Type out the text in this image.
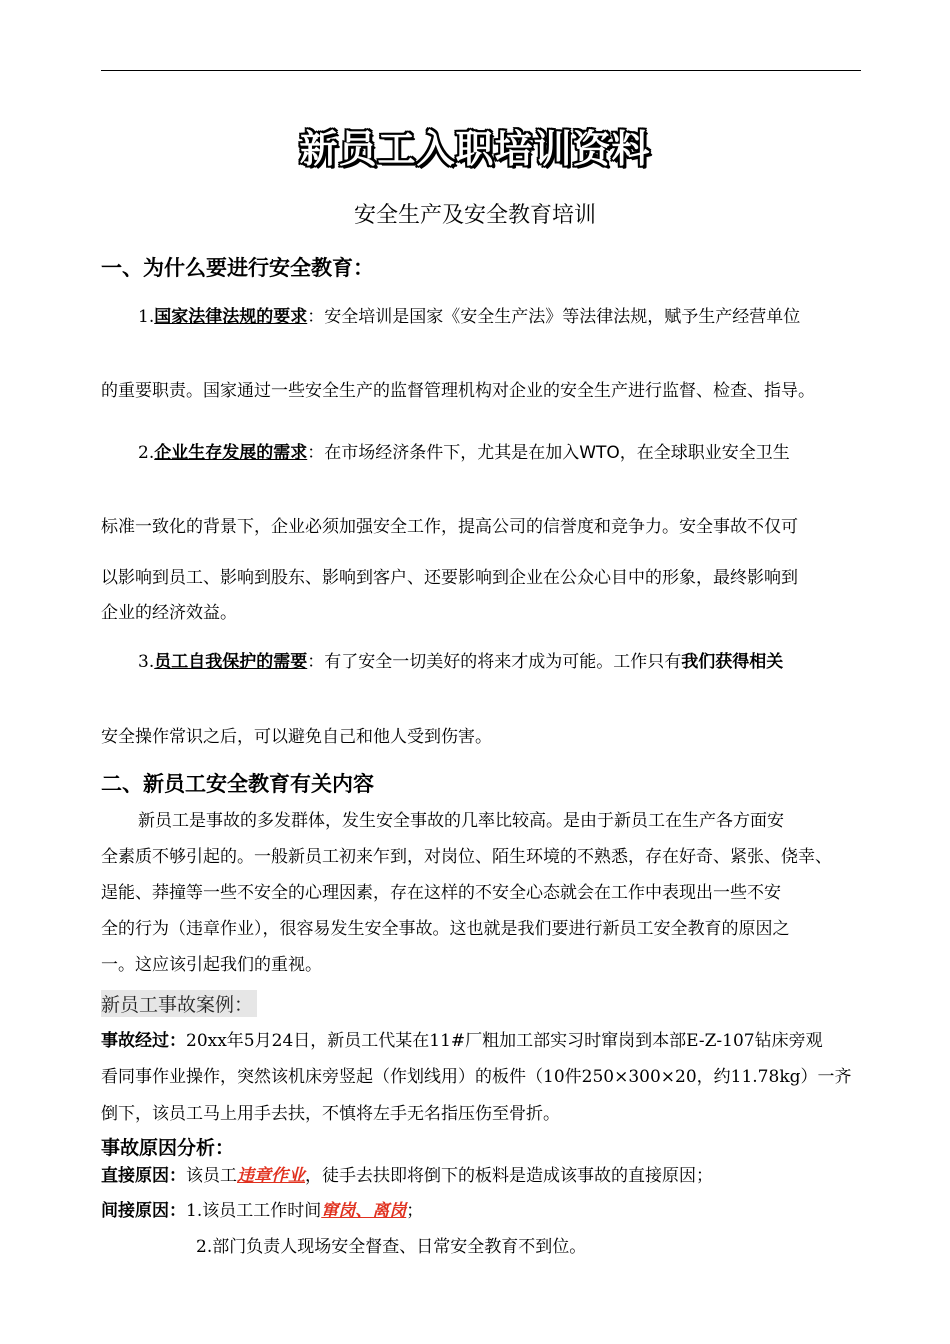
新员工入职培训资料
安全生产及安全教育培训
一、为什么要进行安全教育：
1.国家法律法规的要求：安全培训是国家《安全生产法》等法律法规，赋予生产经营单位
的重要职责。国家通过一些安全生产的监督管理机构对企业的安全生产进行监督、检查、指导。
2.企业生存发展的需求：在市场经济条件下，尤其是在加入WTO，在全球职业安全卫生
标准一致化的背景下，企业必须加强安全工作，提高公司的信誉度和竞争力。安全事故不仅可
以影响到员工、影响到股东、影响到客户、还要影响到企业在公众心目中的形象，最终影响到
企业的经济效益。
3.员工自我保护的需要：有了安全一切美好的将来才成为可能。工作只有我们获得相关
安全操作常识之后，可以避免自己和他人受到伤害。
二、新员工安全教育有关内容
新员工是事故的多发群体，发生安全事故的几率比较高。是由于新员工在生产各方面安
全素质不够引起的。一般新员工初来乍到，对岗位、陌生环境的不熟悉，存在好奇、紧张、侥幸、
逞能、莽撞等一些不安全的心理因素，存在这样的不安全心态就会在工作中表现出一些不安
全的行为（违章作业），很容易发生安全事故。这也就是我们要进行新员工安全教育的原因之
一。这应该引起我们的重视。
新员工事故案例：
事故经过：20xx年5月24日，新员工代某在11#厂粗加工部实习时窜岗到本部E-Z-107钻床旁观
看同事作业操作，突然该机床旁竖起（作划线用）的板件（10件250×300×20，约11.78kg）一齐
倒下，该员工马上用手去扶，不慎将左手无名指压伤至骨折。
事故原因分析：
直接原因：该员工违章作业，徒手去扶即将倒下的板料是造成该事故的直接原因；
间接原因：1.该员工工作时间窜岗、离岗；
2.部门负责人现场安全督查、日常安全教育不到位。
